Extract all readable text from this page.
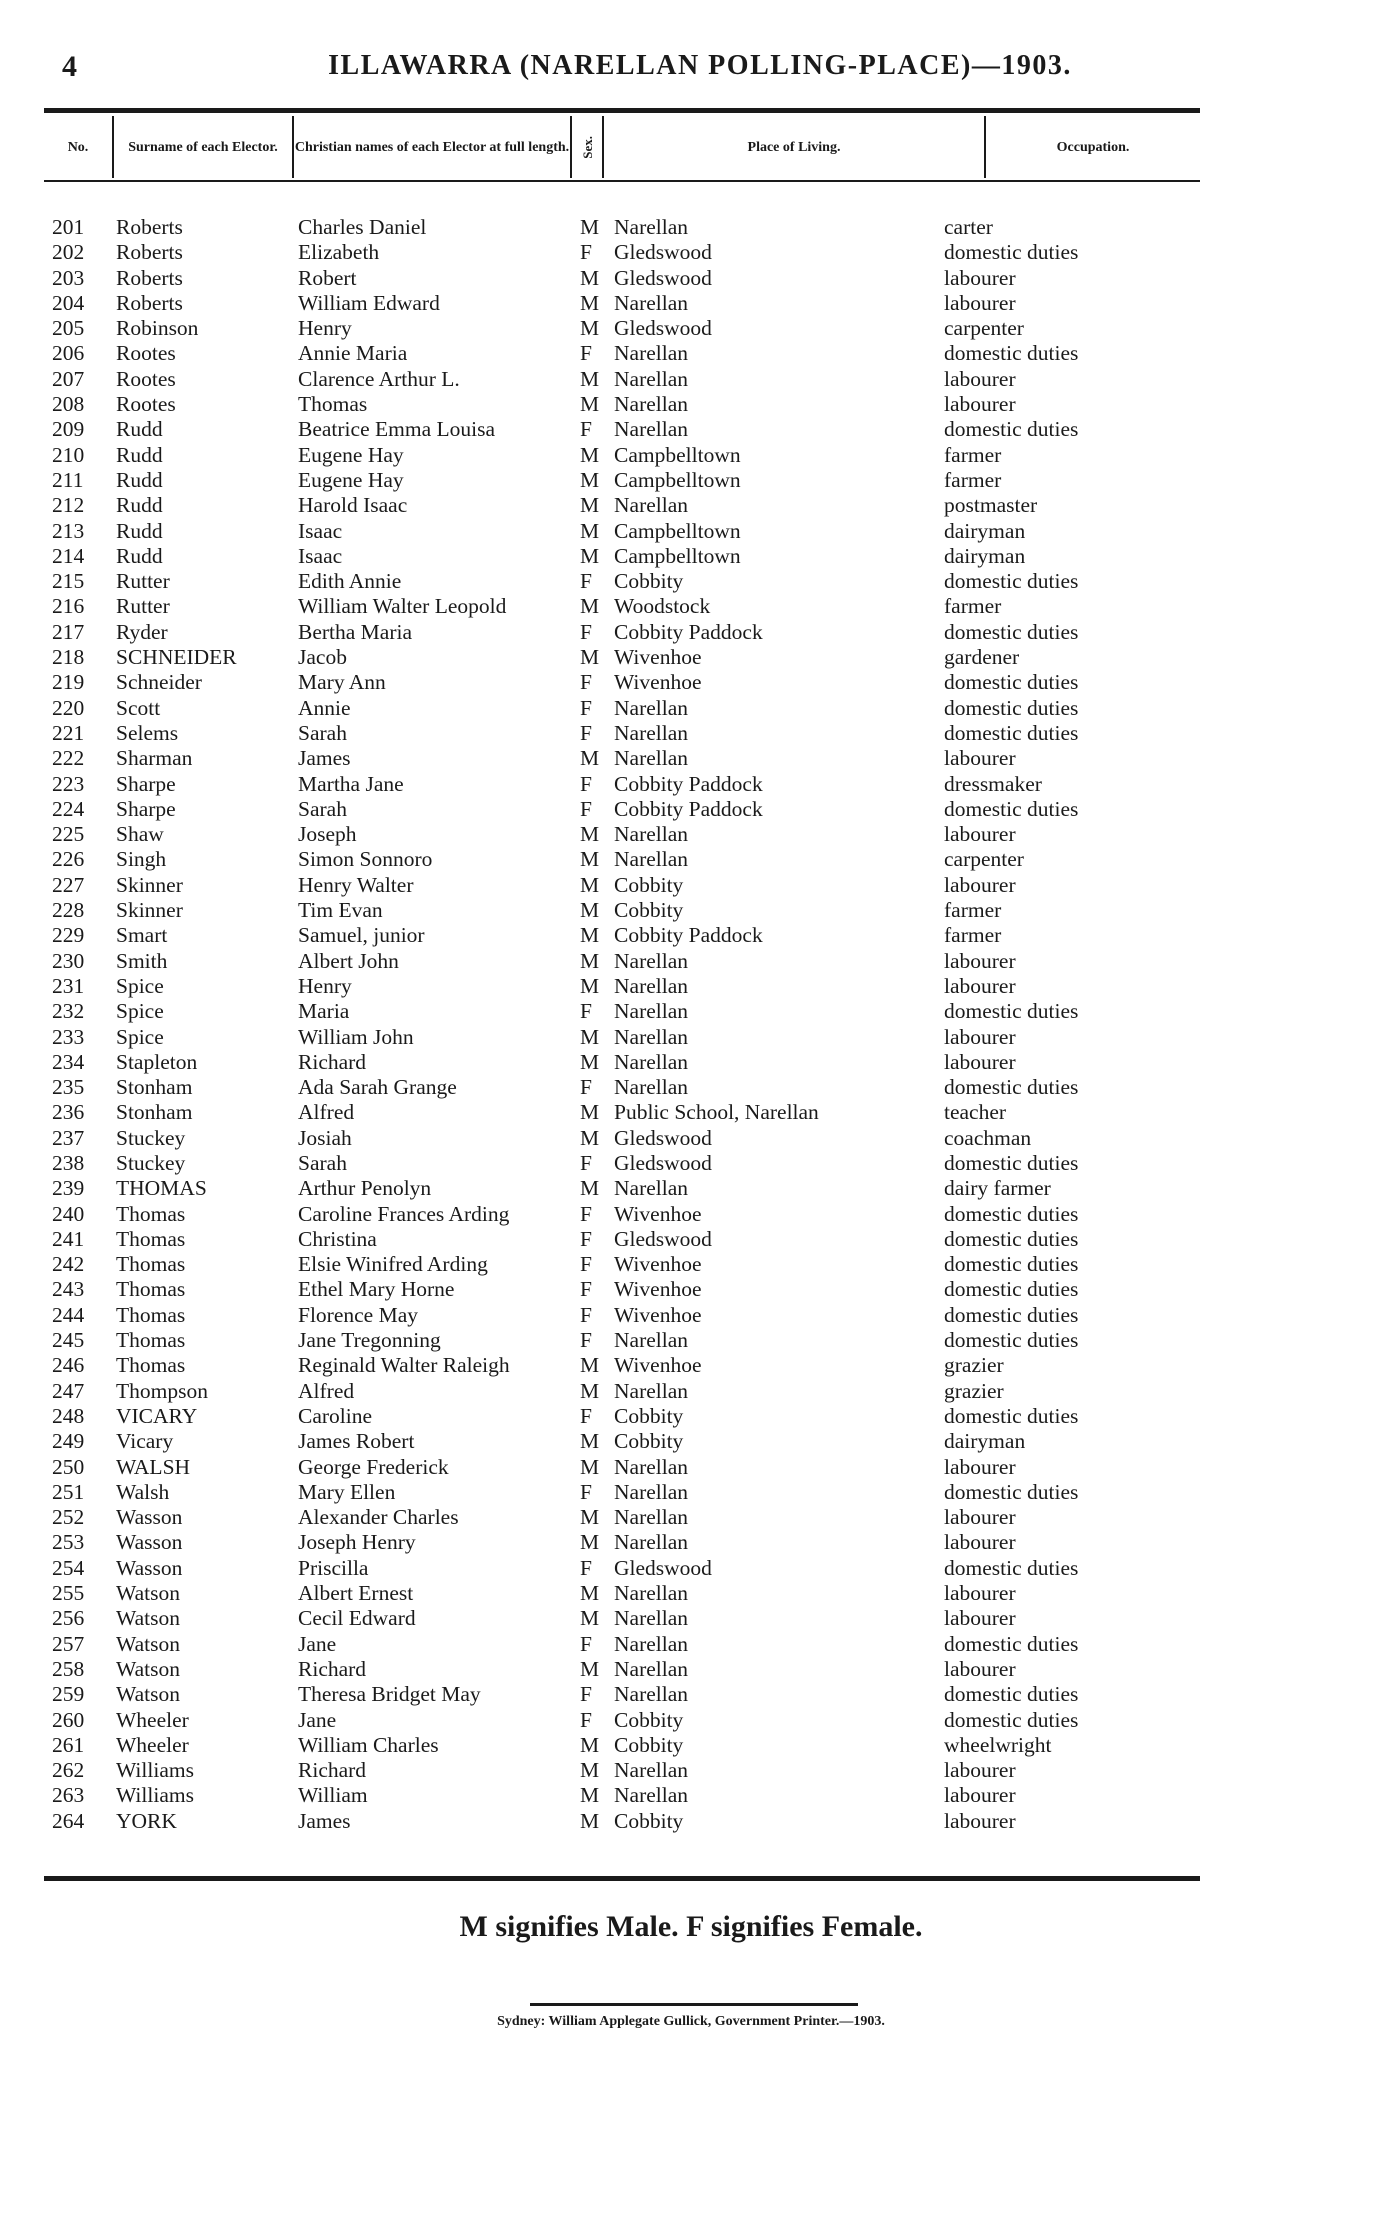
4	ILLAWARRA (NARELLAN POLLING-PLACE)—1903.
No.	Surname of each Elector.	Christian names of each Elector at full length. Sex.	Place of Living.	Occupation.
201 Roberts	Charles Daniel	M Narellan	carter
202 Roberts	Elizabeth	F Gledswood	domestic duties
203 Roberts	Robert	M Gledswood	labourer
204 Roberts	William Edward	M Narellan	labourer
205 Robinson	Henry	M Gledswood	carpenter
206 Rootes	Annie Maria	F Narellan	domestic duties
207 Rootes	Clarence Arthur L.	M Narellan	labourer
208 Rootes	Thomas	M Narellan	labourer
209 Rudd	Beatrice Emma Louisa	F Narellan	domestic duties
210 Rudd	Eugene Hay	M Campbelltown	farmer
211 Rudd	Eugene Hay	M Campbelltown	farmer
212 Rudd	Harold Isaac	M Narellan	postmaster
213 Rudd	Isaac	M Campbelltown	dairyman
214 Rudd	Isaac	M Campbelltown	dairyman
215 Rutter	Edith Annie	F Cobbity	domestic duties
216 Rutter	William Walter Leopold	M Woodstock	farmer
217 Ryder	Bertha Maria	F Cobbity Paddock	domestic duties
218 SCHNEIDER	Jacob	M Wivenhoe	gardener
219 Schneider	Mary Ann	F Wivenhoe	domestic duties
220 Scott	Annie	F Narellan	domestic duties
221 Selems	Sarah	F Narellan	domestic duties
222 Sharman	James	M Narellan	labourer
223 Sharpe	Martha Jane	F Cobbity Paddock	dressmaker
224 Sharpe	Sarah	F Cobbity Paddock	domestic duties
225 Shaw	Joseph	M Narellan	labourer
226 Singh	Simon Sonnoro	M Narellan	carpenter
227 Skinner	Henry Walter	M Cobbity	labourer
228 Skinner	Tim Evan	M Cobbity	farmer
229 Smart	Samuel, junior	M Cobbity Paddock	farmer
230 Smith	Albert John	M Narellan	labourer
231 Spice	Henry	M Narellan	labourer
232 Spice	Maria	F Narellan	domestic duties
233 Spice	William John	M Narellan	labourer
234 Stapleton	Richard	M Narellan	labourer
235 Stonham	Ada Sarah Grange	F Narellan	domestic duties
236 Stonham	Alfred	M Public School, Narellan	teacher
237 Stuckey	Josiah	M Gledswood	coachman
238 Stuckey	Sarah	F Gledswood	domestic duties
239 THOMAS	Arthur Penolyn	M Narellan	dairy farmer
240 Thomas	Caroline Frances Arding	F Wivenhoe	domestic duties
241 Thomas	Christina	F Gledswood	domestic duties
242 Thomas	Elsie Winifred Arding	F Wivenhoe	domestic duties
243 Thomas	Ethel Mary Horne	F Wivenhoe	domestic duties
244 Thomas	Florence May	F Wivenhoe	domestic duties
245 Thomas	Jane Tregonning	F Narellan	domestic duties
246 Thomas	Reginald Walter Raleigh	M Wivenhoe	grazier
247 Thompson	Alfred	M Narellan	grazier
248 VICARY	Caroline	F Cobbity	domestic duties
249 Vicary	James Robert	M Cobbity	dairyman
250 WALSH	George Frederick	M Narellan	labourer
251 Walsh	Mary Ellen	F Narellan	domestic duties
252 Wasson	Alexander Charles	M Narellan	labourer
253 Wasson	Joseph Henry	M Narellan	labourer
254 Wasson	Priscilla	F Gledswood	domestic duties
255 Watson	Albert Ernest	M Narellan	labourer
256 Watson	Cecil Edward	M Narellan	labourer
257 Watson	Jane	F Narellan	domestic duties
258 Watson	Richard	M Narellan	labourer
259 Watson	Theresa Bridget May	F Narellan	domestic duties
260 Wheeler	Jane	F Cobbity	domestic duties
261 Wheeler	William Charles	M Cobbity	wheelwright
262 Williams	Richard	M Narellan	labourer
263 Williams	William	M Narellan	labourer
264 YORK	James	M Cobbity	labourer
M signifies Male. F signifies Female.
Sydney: William Applegate Gullick, Government Printer.—1903.
